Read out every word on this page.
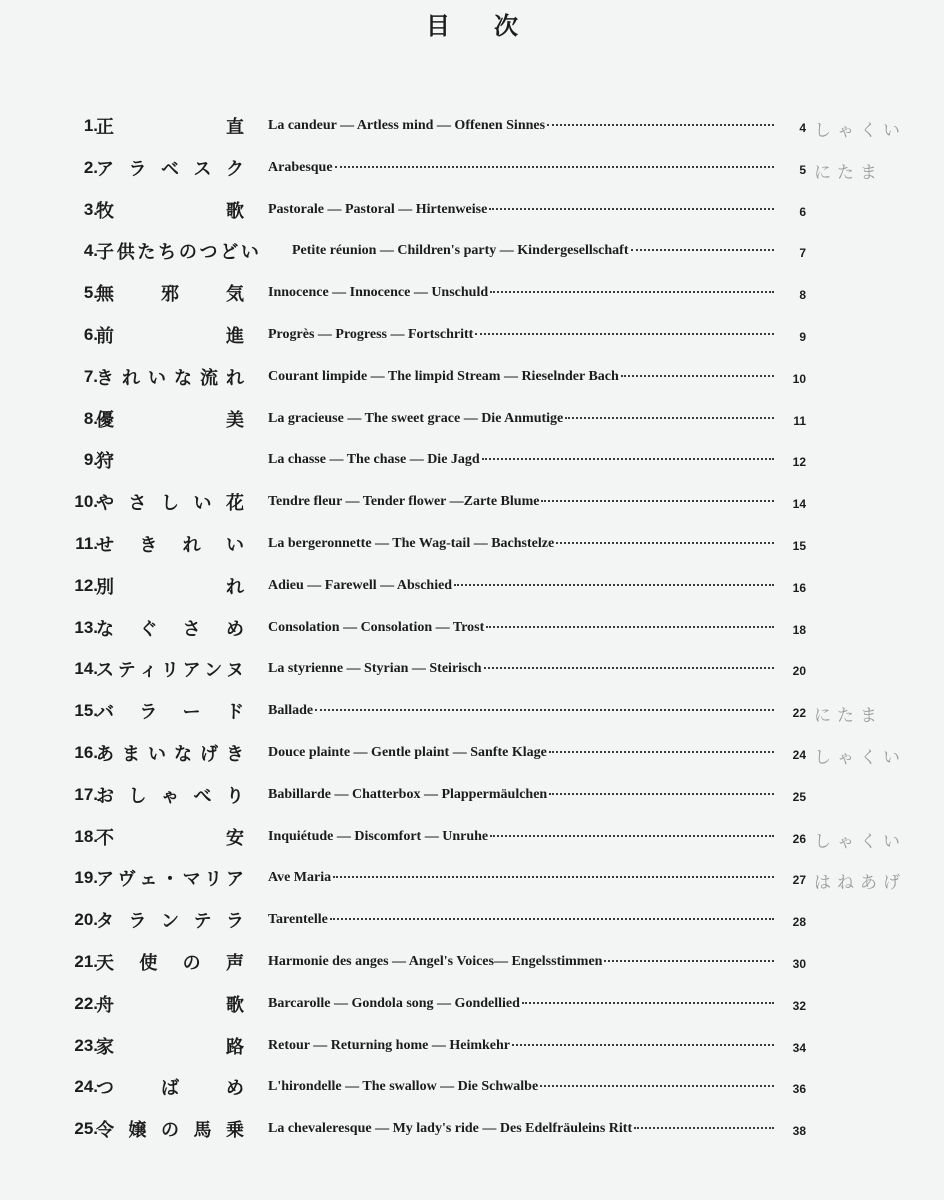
目次
1.
正	直 La candeur — Artless mind — Offenen Sinnes	4 しゃくい
2.
ア ラ ベ ス ク Arabesque	5 にたま
3.
牧	歌 Pastorale — Pastoral — Hirtenweise	6
4.
子 供 た ち の つ ど い Petite réunion — Children's party — Kindergesellschaft	7
5.
無	邪	気 Innocence — Innocence — Unschuld	8
6.
前	進 Progrès — Progress — Fortschritt	9
7.
き れ い な 流 れ Courant limpide — The limpid Stream — Rieselnder Bach	10
8.
優	美 La gracieuse — The sweet grace — Die Anmutige	11
9.
狩	La chasse — The chase — Die Jagd	12
10.
や さ し い 花 Tendre fleur — Tender flower —Zarte Blume	14
11.
せ き れ い La bergeronnette — The Wag-tail — Bachstelze	15
12.
別	れ Adieu — Farewell — Abschied	16
13.
な ぐ さ め Consolation — Consolation — Trost	18
14.
ス テ ィ リ ア ン ヌ La styrienne — Styrian — Steirisch	20
15.
バ ラ ー ド Ballade	22 にたま
16.
あ ま い な げ き Douce plainte — Gentle plaint — Sanfte Klage	24 しゃくい
17.
お し ゃ べ り Babillarde — Chatterbox — Plappermäulchen	25
18.
不	安 Inquiétude — Discomfort — Unruhe	26 しゃくい
19.
ア ヴ ェ ・ マ リ ア Ave Maria	27 はねあげ
20.
タ ラ ン テ ラ Tarentelle	28
21.
天 使 の 声 Harmonie des anges — Angel's Voices— Engelsstimmen	30
22.
舟	歌 Barcarolle — Gondola song — Gondellied	32
23.
家	路 Retour — Returning home — Heimkehr	34
24.
つ	ば	め L'hirondelle — The swallow — Die Schwalbe	36
25.
令 嬢 の 馬 乗 La chevaleresque — My lady's ride — Des Edelfräuleins Ritt	38
